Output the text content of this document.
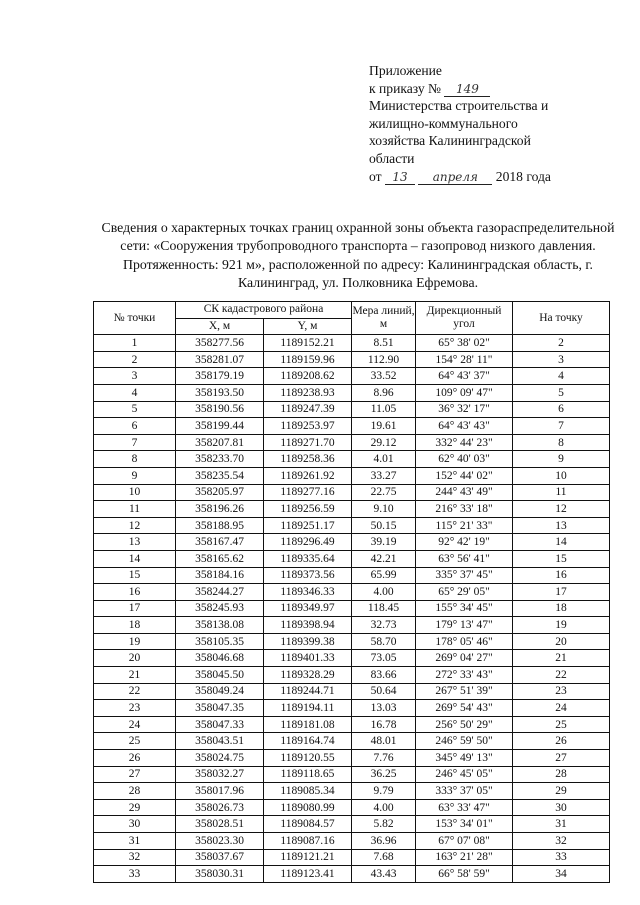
Приложение
к приказу № 149
Министерства строительства и
жилищно-коммунального
хозяйства Калининградской
области
от 13 апреля 2018 года
Сведения о характерных точках границ охранной зоны объекта газораспределительной сети: «Сооружения трубопроводного транспорта – газопровод низкого давления. Протяженность: 921 м», расположенной по адресу: Калининградская область, г. Калининград, ул. Полковника Ефремова.
№ точки	СК кадастрового района		Мера линий, м	Дирекционный угол	На точку
	X, м	Y, м			
1	358277.56	1189152.21	8.51	65° 38' 02"	2
2	358281.07	1189159.96	112.90	154° 28' 11"	3
3	358179.19	1189208.62	33.52	64° 43' 37"	4
4	358193.50	1189238.93	8.96	109° 09' 47"	5
5	358190.56	1189247.39	11.05	36° 32' 17"	6
6	358199.44	1189253.97	19.61	64° 43' 43"	7
7	358207.81	1189271.70	29.12	332° 44' 23"	8
8	358233.70	1189258.36	4.01	62° 40' 03"	9
9	358235.54	1189261.92	33.27	152° 44' 02"	10
10	358205.97	1189277.16	22.75	244° 43' 49"	11
11	358196.26	1189256.59	9.10	216° 33' 18"	12
12	358188.95	1189251.17	50.15	115° 21' 33"	13
13	358167.47	1189296.49	39.19	92° 42' 19"	14
14	358165.62	1189335.64	42.21	63° 56' 41"	15
15	358184.16	1189373.56	65.99	335° 37' 45"	16
16	358244.27	1189346.33	4.00	65° 29' 05"	17
17	358245.93	1189349.97	118.45	155° 34' 45"	18
18	358138.08	1189398.94	32.73	179° 13' 47"	19
19	358105.35	1189399.38	58.70	178° 05' 46"	20
20	358046.68	1189401.33	73.05	269° 04' 27"	21
21	358045.50	1189328.29	83.66	272° 33' 43"	22
22	358049.24	1189244.71	50.64	267° 51' 39"	23
23	358047.35	1189194.11	13.03	269° 54' 43"	24
24	358047.33	1189181.08	16.78	256° 50' 29"	25
25	358043.51	1189164.74	48.01	246° 59' 50"	26
26	358024.75	1189120.55	7.76	345° 49' 13"	27
27	358032.27	1189118.65	36.25	246° 45' 05"	28
28	358017.96	1189085.34	9.79	333° 37' 05"	29
29	358026.73	1189080.99	4.00	63° 33' 47"	30
30	358028.51	1189084.57	5.82	153° 34' 01"	31
31	358023.30	1189087.16	36.96	67° 07' 08"	32
32	358037.67	1189121.21	7.68	163° 21' 28"	33
33	358030.31	1189123.41	43.43	66° 58' 59"	34
